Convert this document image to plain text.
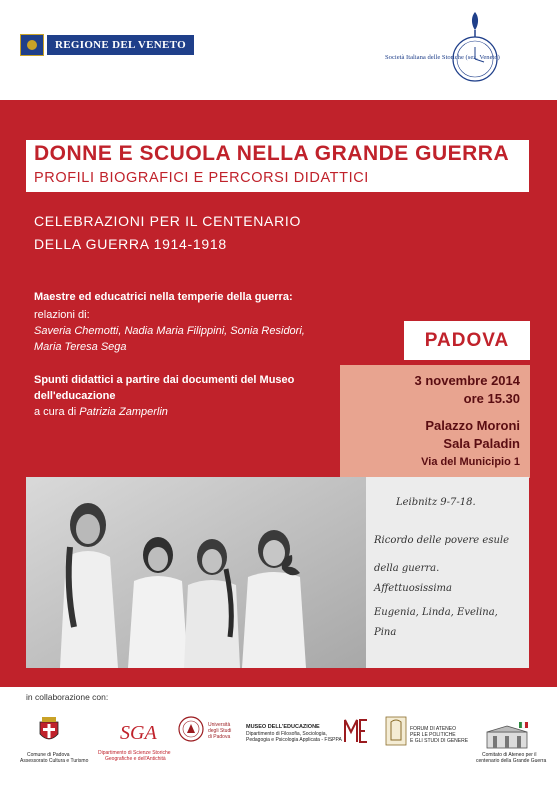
REGIONE DEL VENETO
Società Italiana delle Storiche (sez. Veneto)
DONNE E SCUOLA NELLA GRANDE GUERRA
PROFILI BIOGRAFICI E PERCORSI DIDATTICI
CELEBRAZIONI PER IL CENTENARIO
DELLA GUERRA 1914-1918
Maestre ed educatrici nella temperie della guerra:
relazioni di:
Saveria Chemotti, Nadia Maria Filippini, Sonia Residori,
Maria Teresa Sega
Spunti didattici a partire dai documenti del Museo
dell'educazione
a cura di Patrizia Zamperlin
PADOVA
3 novembre 2014
ore 15.30
Palazzo Moroni
Sala Paladin
Via del Municipio 1
Leibnitz 9-7-18.
Ricordo delle povere esule
della guerra.
Affettuosissima
Eugenia, Linda, Evelina,
Pina
in collaborazione con:
Comune di Padova
Assessorato Cultura e Turismo
SGA
Dipartimento di Scienze Storiche
Geografiche e dell'Antichità
Università
degli Studi
di Padova
MUSEO DELL'EDUCAZIONE
Dipartimento di Filosofia, Sociologia,
Pedagogia e Psicologia Applicata - FISPPA
FORUM DI ATENEO
PER LE POLITICHE
E GLI STUDI DI GENERE
Comitato di Ateneo per il
centenario della Grande Guerra
